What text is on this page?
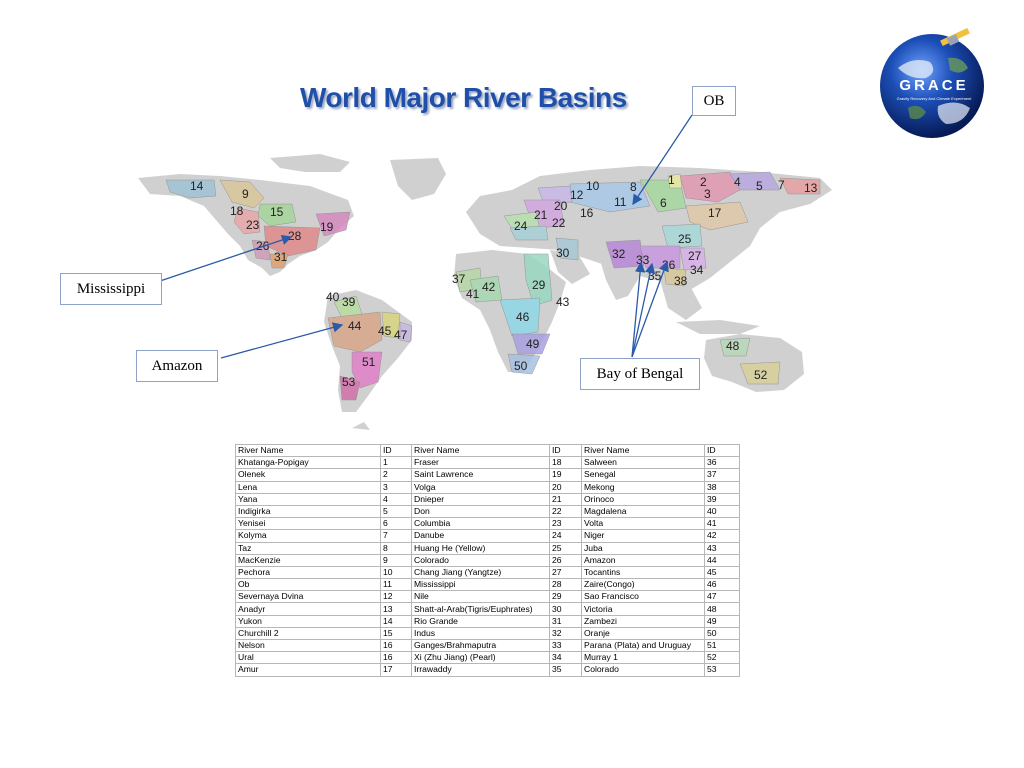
World Major River Basins	GRACE
Gravity Recovery And Climate Experiment
1 2
3
4 5
6
7
8
10
11
12	13
14
9
15	16	17
18
19
20
21
22
23	24
25
26
27
28
29
30
31	32 33
34
35
36
37	38
39
40	41 42
43
44 45
46
47
48
49
50
51
52
53
OB
Mississippi
Amazon	Bay of Bengal
River Name	ID	River Name	ID	River Name	ID
Khatanga-Popigay	1	Fraser	18	Salween	36
Olenek	2	Saint Lawrence	19	Senegal	37
Lena	3	Volga	20	Mekong	38
Yana	4	Dnieper	21	Orinoco	39
Indigirka	5	Don	22	Magdalena	40
Yenisei	6	Columbia	23	Volta	41
Kolyma	7	Danube	24	Niger	42
Taz	8	Huang He (Yellow)	25	Juba	43
MacKenzie	9	Colorado	26	Amazon	44
Pechora	10	Chang Jiang (Yangtze)	27	Tocantins	45
Ob	11	Mississippi	28	Zaire(Congo)	46
Severnaya Dvina	12	Nile	29	Sao Francisco	47
Anadyr	13	Shatt-al-Arab(Tigris/Euphrates)	30	Victoria	48
Yukon	14	Rio Grande	31	Zambezi	49
Churchill 2	15	Indus	32	Oranje	50
Nelson	16	Ganges/Brahmaputra	33	Parana (Plata) and Uruguay	51
Ural	16	Xi (Zhu Jiang) (Pearl)	34	Murray 1	52
Amur	17	Irrawaddy	35	Colorado	53
